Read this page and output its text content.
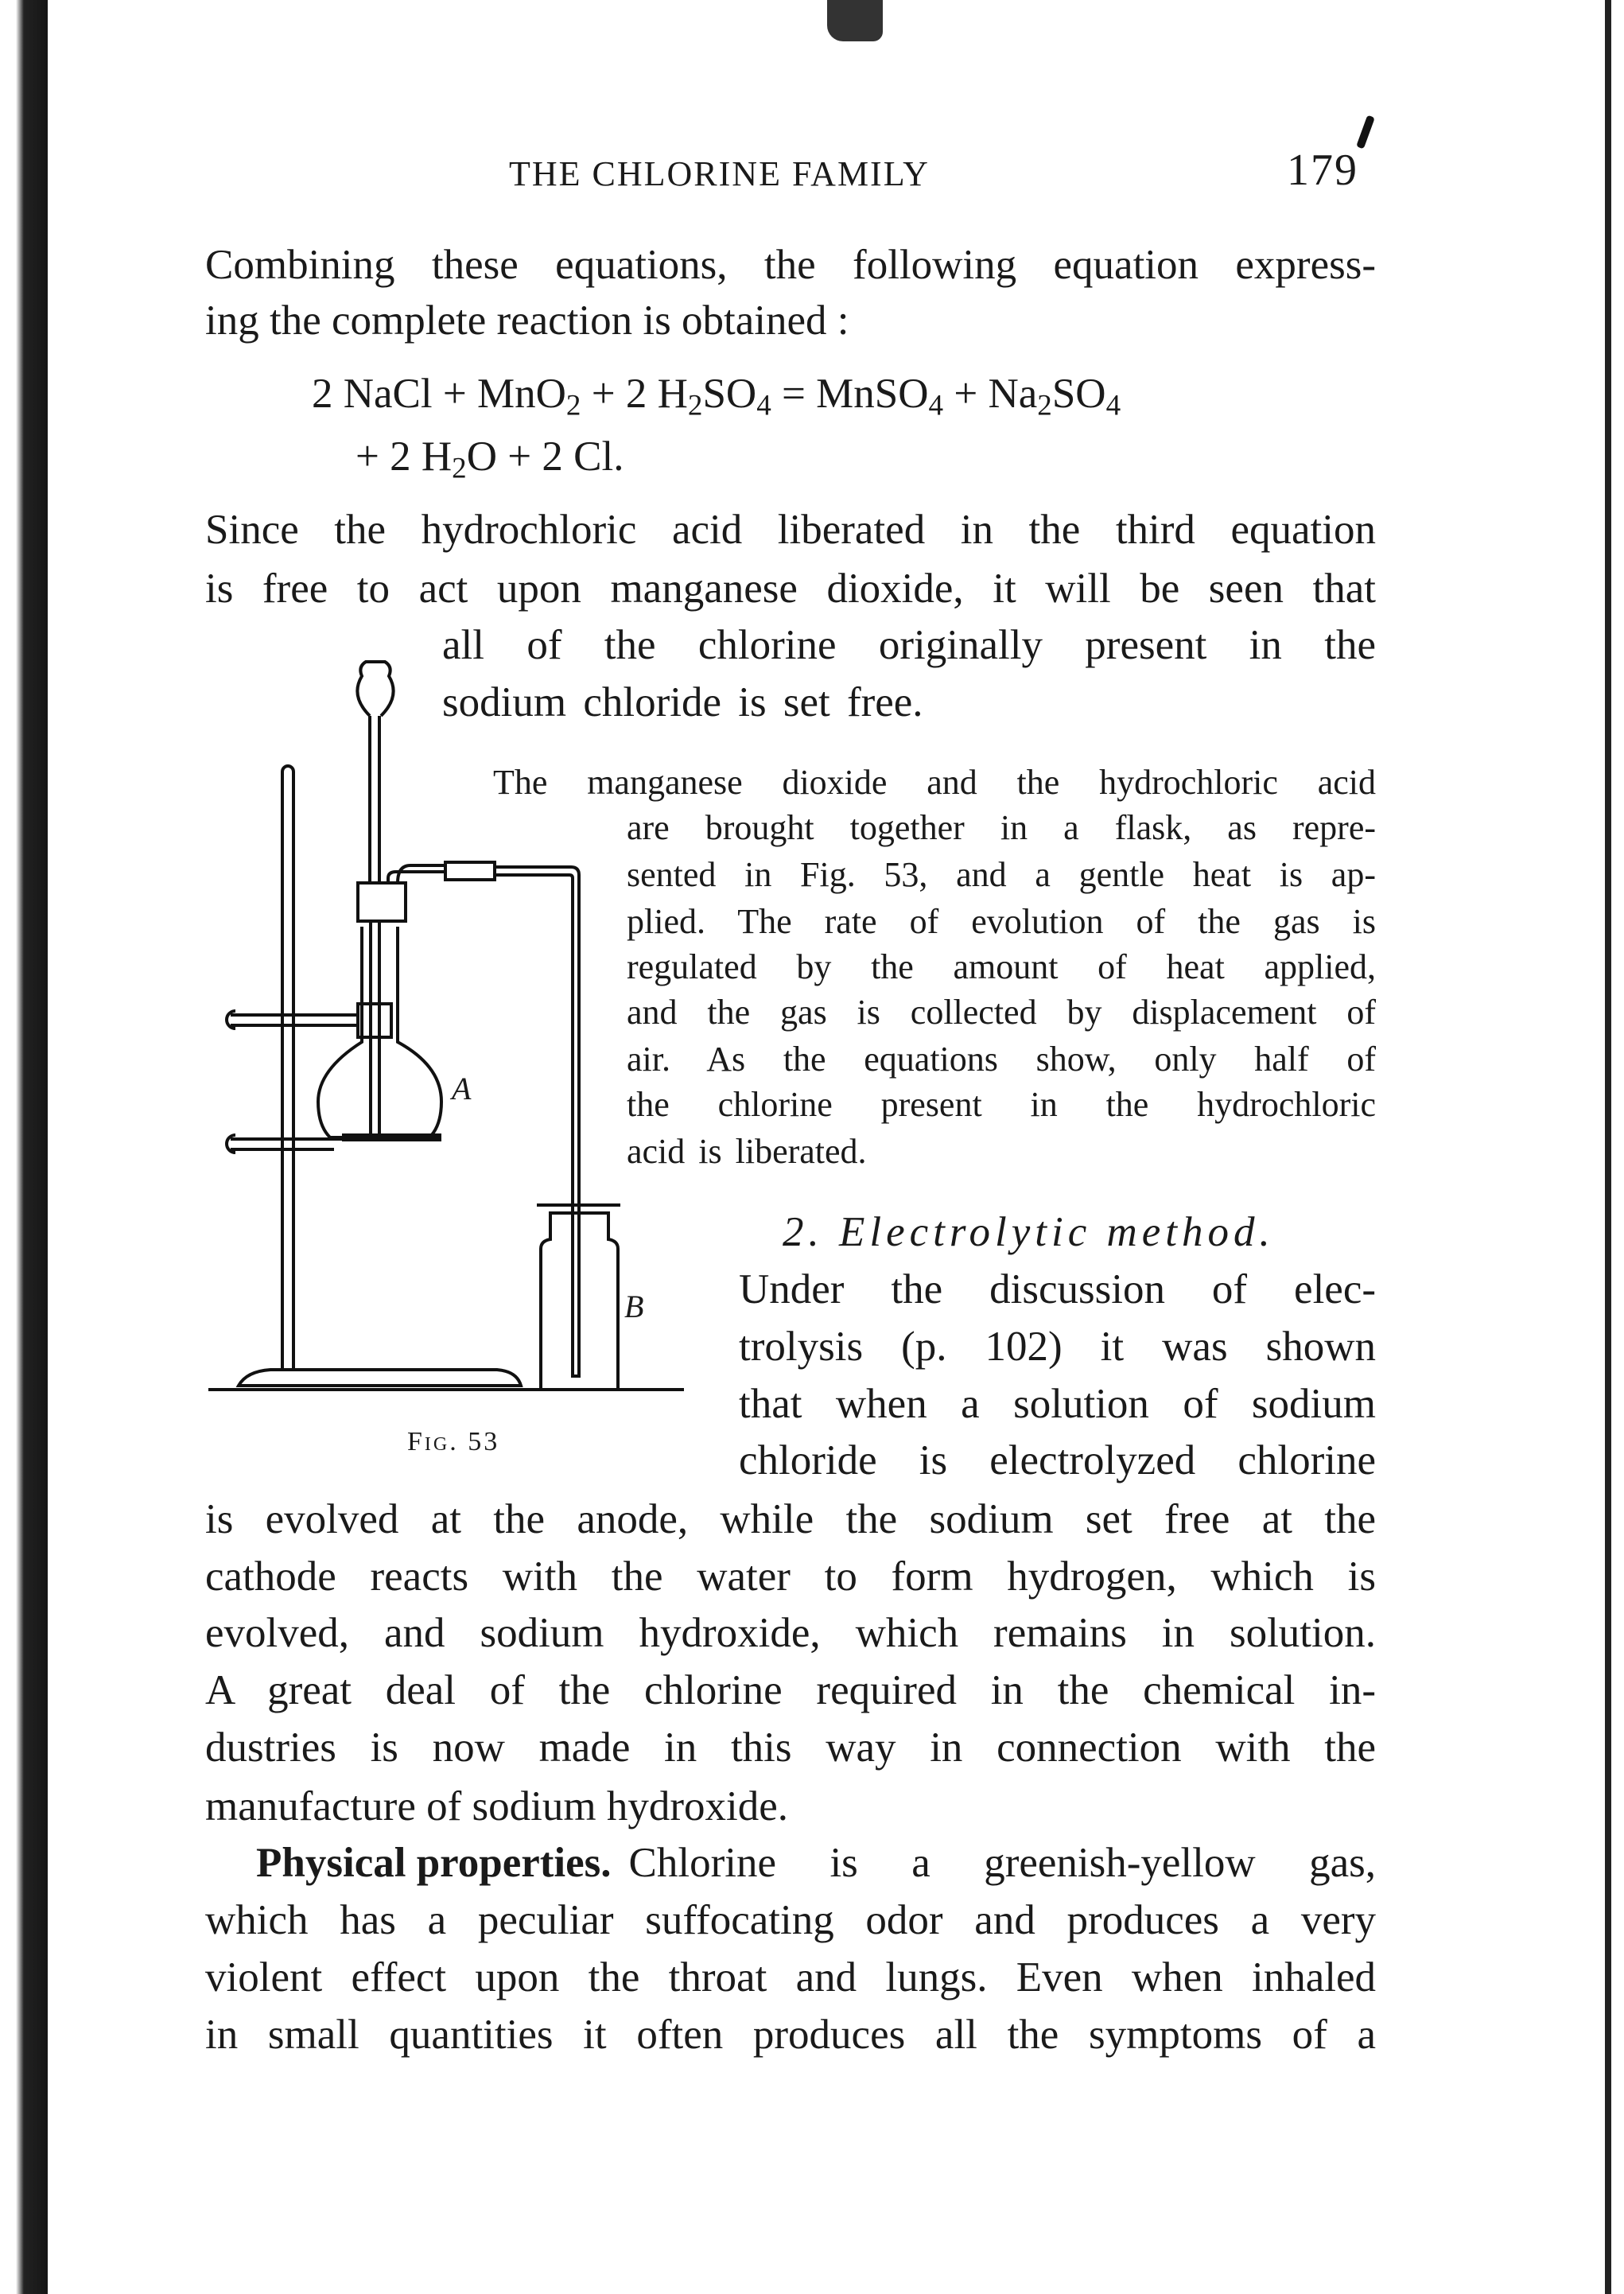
THE CHLORINE FAMILY	179
Combining these equations, the following equation express-
ing the complete reaction is obtained :
2 NaCl + MnO$_2$ + 2 $H_2SO_4$ = MnSO$_4$ + $Na_2SO_4$
+ 2 $H_2O + 2$ Cl.
Since the hydrochloric acid liberated in the third equation
is free to act upon manganese dioxide, it will be seen that
all of the chlorine originally present in the
sodium chloride is set free.
The manganese dioxide and the hydrochloric acid
are brought together in a flask, as repre-
sented in Fig. 53, and a gentle heat is ap-
plied. The rate of evolution of the gas is
regulated by the amount of heat applied,
and the gas is collected by displacement of
air. As the equations show, only half of
the chlorine present in the hydrochloric
acid is liberated.
A
B
Fig. 53
2. Electrolytic method.
Under the discussion of elec-
trolysis (p. 102) it was shown
that when a solution of sodium
chloride is electrolyzed chlorine
is evolved at the anode, while the sodium set free at the
cathode reacts with the water to form hydrogen, which is
evolved, and sodium hydroxide, which remains in solution.
A great deal of the chlorine required in the chemical in-
dustries is now made in this way in connection with the
manufacture of sodium hydroxide.
Physical properties. Chlorine is a greenish-yellow gas,
which has a peculiar suffocating odor and produces a very
violent effect upon the throat and lungs. Even when inhaled
in small quantities it often produces all the symptoms of a
